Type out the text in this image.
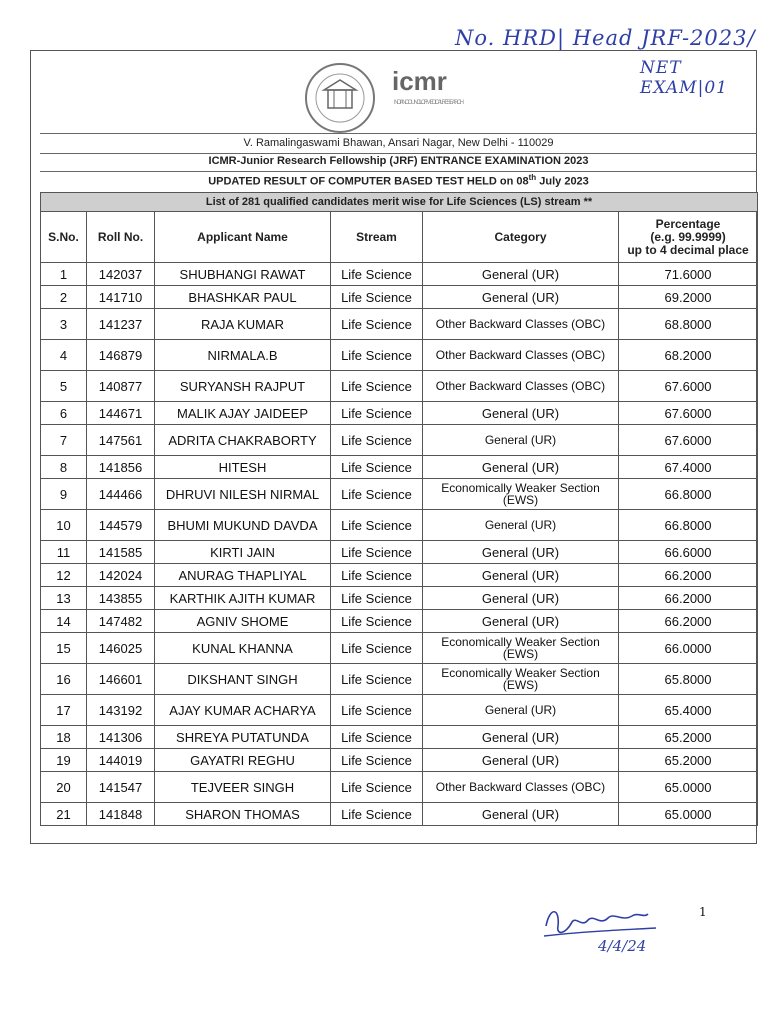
No. HRD| Head JRF-2023/
NET EXAM|01
icmr
INDIAN COUNCIL OF MEDICAL RESEARCH
V. Ramalingaswami Bhawan, Ansari Nagar, New Delhi - 110029
ICMR-Junior Research Fellowship (JRF) ENTRANCE EXAMINATION 2023
UPDATED RESULT OF COMPUTER BASED TEST HELD on 08th July 2023
List of 281 qualified candidates merit wise for Life Sciences (LS) stream **					
S.No.	Roll No.	Applicant Name	Stream	Category	Percentage
(e.g. 99.9999)
up to 4 decimal place

1	142037	SHUBHANGI RAWAT	Life Science	General (UR)	71.6000
2	141710	BHASHKAR PAUL	Life Science	General (UR)	69.2000
3	141237	RAJA KUMAR	Life Science	Other Backward Classes (OBC)	68.8000
4	146879	NIRMALA.B	Life Science	Other Backward Classes (OBC)	68.2000
5	140877	SURYANSH RAJPUT	Life Science	Other Backward Classes (OBC)	67.6000
6	144671	MALIK AJAY JAIDEEP	Life Science	General (UR)	67.6000
7	147561	ADRITA CHAKRABORTY	Life Science	General (UR)	67.6000
8	141856	HITESH	Life Science	General (UR)	67.4000
9	144466	DHRUVI NILESH NIRMAL	Life Science	Economically Weaker Section (EWS)	66.8000
10	144579	BHUMI MUKUND DAVDA	Life Science	General (UR)	66.8000
11	141585	KIRTI JAIN	Life Science	General (UR)	66.6000
12	142024	ANURAG THAPLIYAL	Life Science	General (UR)	66.2000
13	143855	KARTHIK AJITH KUMAR	Life Science	General (UR)	66.2000
14	147482	AGNIV SHOME	Life Science	General (UR)	66.2000
15	146025	KUNAL KHANNA	Life Science	Economically Weaker Section (EWS)	66.0000
16	146601	DIKSHANT SINGH	Life Science	Economically Weaker Section (EWS)	65.8000
17	143192	AJAY KUMAR ACHARYA	Life Science	General (UR)	65.4000
18	141306	SHREYA PUTATUNDA	Life Science	General (UR)	65.2000
19	144019	GAYATRI REGHU	Life Science	General (UR)	65.2000
20	141547	TEJVEER SINGH	Life Science	Other Backward Classes (OBC)	65.0000
21	141848	SHARON THOMAS	Life Science	General (UR)	65.0000
4/4/24
1
